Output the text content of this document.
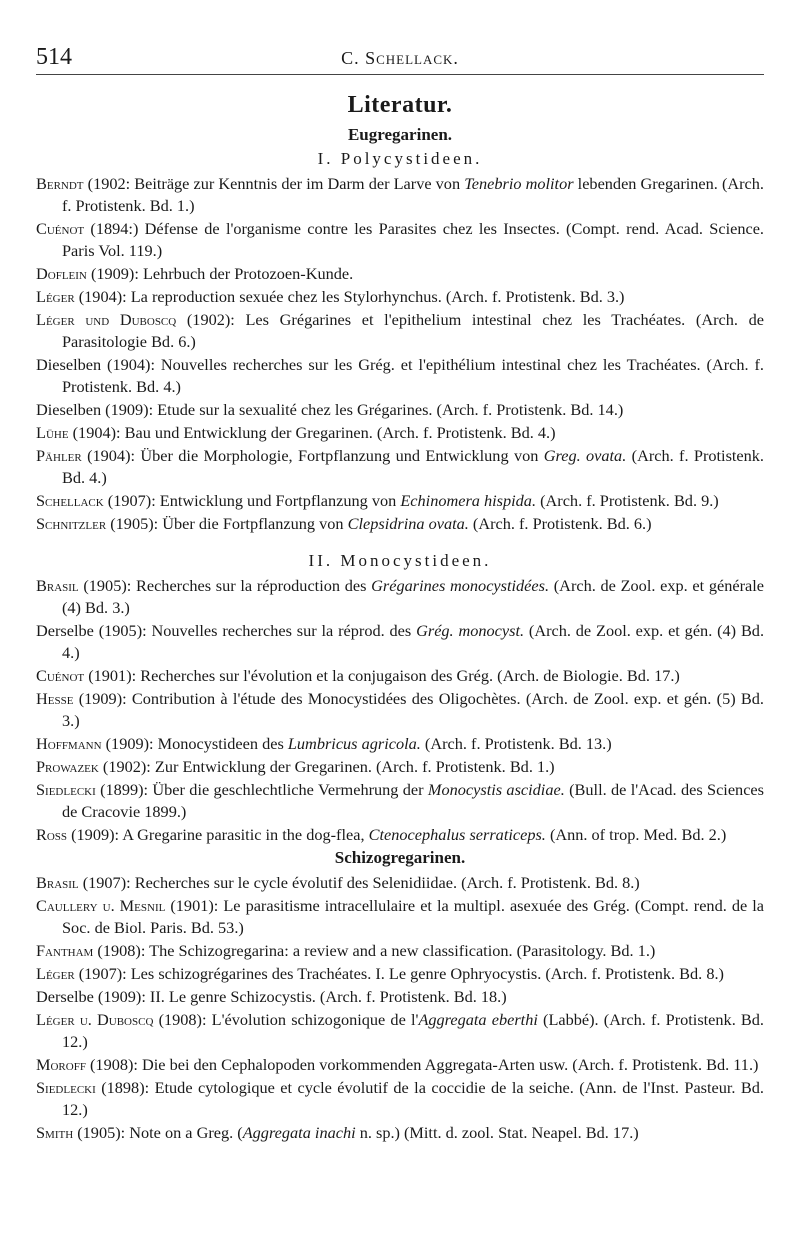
514	C. Schellack.
Literatur.
Eugregarinen.
I. Polycystideen.
Berndt (1902: Beiträge zur Kenntnis der im Darm der Larve von Tenebrio molitor lebenden Gregarinen. (Arch. f. Protistenk. Bd. 1.)
Cuénot (1894:) Défense de l'organisme contre les Parasites chez les Insectes. (Compt. rend. Acad. Science. Paris Vol. 119.)
Doflein (1909): Lehrbuch der Protozoen-Kunde.
Léger (1904): La reproduction sexuée chez les Stylorhynchus. (Arch. f. Protistenk. Bd. 3.)
Léger und Duboscq (1902): Les Grégarines et l'epithelium intestinal chez les Trachéates. (Arch. de Parasitologie Bd. 6.)
Dieselben (1904): Nouvelles recherches sur les Grég. et l'epithélium intestinal chez les Trachéates. (Arch. f. Protistenk. Bd. 4.)
Dieselben (1909): Etude sur la sexualité chez les Grégarines. (Arch. f. Protistenk. Bd. 14.)
Lühe (1904): Bau und Entwicklung der Gregarinen. (Arch. f. Protistenk. Bd. 4.)
Pähler (1904): Über die Morphologie, Fortpflanzung und Entwicklung von Greg. ovata. (Arch. f. Protistenk. Bd. 4.)
Schellack (1907): Entwicklung und Fortpflanzung von Echinomera hispida. (Arch. f. Protistenk. Bd. 9.)
Schnitzler (1905): Über die Fortpflanzung von Clepsidrina ovata. (Arch. f. Protistenk. Bd. 6.)
II. Monocystideen.
Brasil (1905): Recherches sur la réproduction des Grégarines monocystidées. (Arch. de Zool. exp. et générale (4) Bd. 3.)
Derselbe (1905): Nouvelles recherches sur la réprod. des Grég. monocyst. (Arch. de Zool. exp. et gén. (4) Bd. 4.)
Cuénot (1901): Recherches sur l'évolution et la conjugaison des Grég. (Arch. de Biologie. Bd. 17.)
Hesse (1909): Contribution à l'étude des Monocystidées des Oligochètes. (Arch. de Zool. exp. et gén. (5) Bd. 3.)
Hoffmann (1909): Monocystideen des Lumbricus agricola. (Arch. f. Protistenk. Bd. 13.)
Prowazek (1902): Zur Entwicklung der Gregarinen. (Arch. f. Protistenk. Bd. 1.)
Siedlecki (1899): Über die geschlechtliche Vermehrung der Monocystis ascidiae. (Bull. de l'Acad. des Sciences de Cracovie 1899.)
Ross (1909): A Gregarine parasitic in the dog-flea, Ctenocephalus serraticeps. (Ann. of trop. Med. Bd. 2.)
Schizogregarinen.
Brasil (1907): Recherches sur le cycle évolutif des Selenidiidae. (Arch. f. Protistenk. Bd. 8.)
Caullery u. Mesnil (1901): Le parasitisme intracellulaire et la multipl. asexuée des Grég. (Compt. rend. de la Soc. de Biol. Paris. Bd. 53.)
Fantham (1908): The Schizogregarina: a review and a new classification. (Parasitology. Bd. 1.)
Léger (1907): Les schizogrégarines des Trachéates. I. Le genre Ophryocystis. (Arch. f. Protistenk. Bd. 8.)
Derselbe (1909): II. Le genre Schizocystis. (Arch. f. Protistenk. Bd. 18.)
Léger u. Duboscq (1908): L'évolution schizogonique de l'Aggregata eberthi (Labbé). (Arch. f. Protistenk. Bd. 12.)
Moroff (1908): Die bei den Cephalopoden vorkommenden Aggregata-Arten usw. (Arch. f. Protistenk. Bd. 11.)
Siedlecki (1898): Etude cytologique et cycle évolutif de la coccidie de la seiche. (Ann. de l'Inst. Pasteur. Bd. 12.)
Smith (1905): Note on a Greg. (Aggregata inachi n. sp.) (Mitt. d. zool. Stat. Neapel. Bd. 17.)
